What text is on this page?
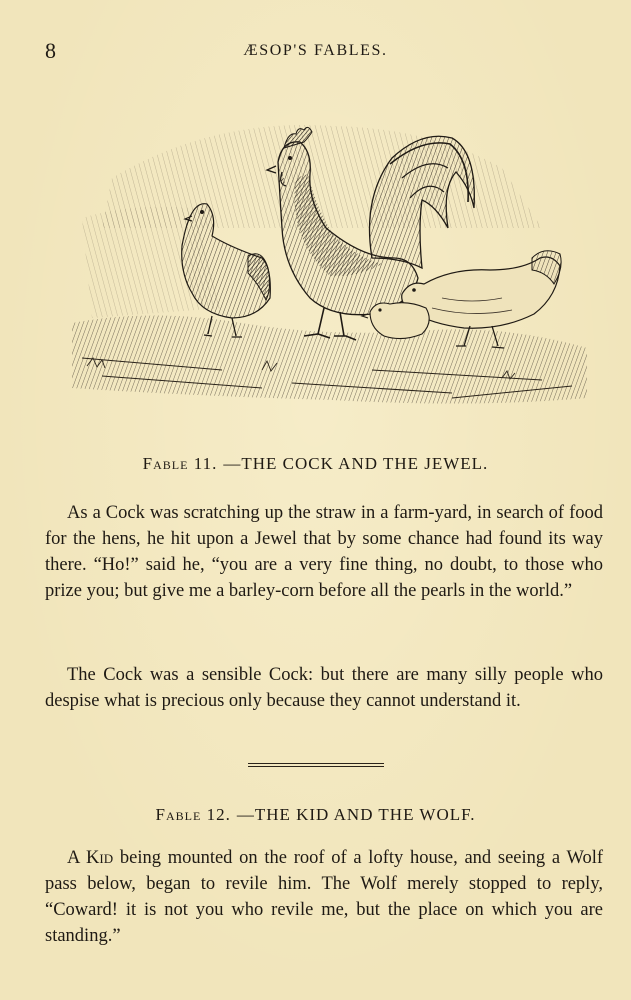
8	ÆSOP'S FABLES.
Fable 11. —THE COCK AND THE JEWEL.

As a Cock was scratching up the straw in a farm-yard, in search of food for the hens, he hit upon a Jewel that by some chance had found its way there. “Ho!” said he, “you are a very fine thing, no doubt, to those who prize you; but give me a barley-corn before all the pearls in the world.”

The Cock was a sensible Cock: but there are many silly people who despise what is precious only because they cannot understand it.

Fable 12. —THE KID AND THE WOLF.

A Kid being mounted on the roof of a lofty house, and seeing a Wolf pass below, began to revile him. The Wolf merely stopped to reply, “Coward! it is not you who revile me, but the place on which you are standing.”
